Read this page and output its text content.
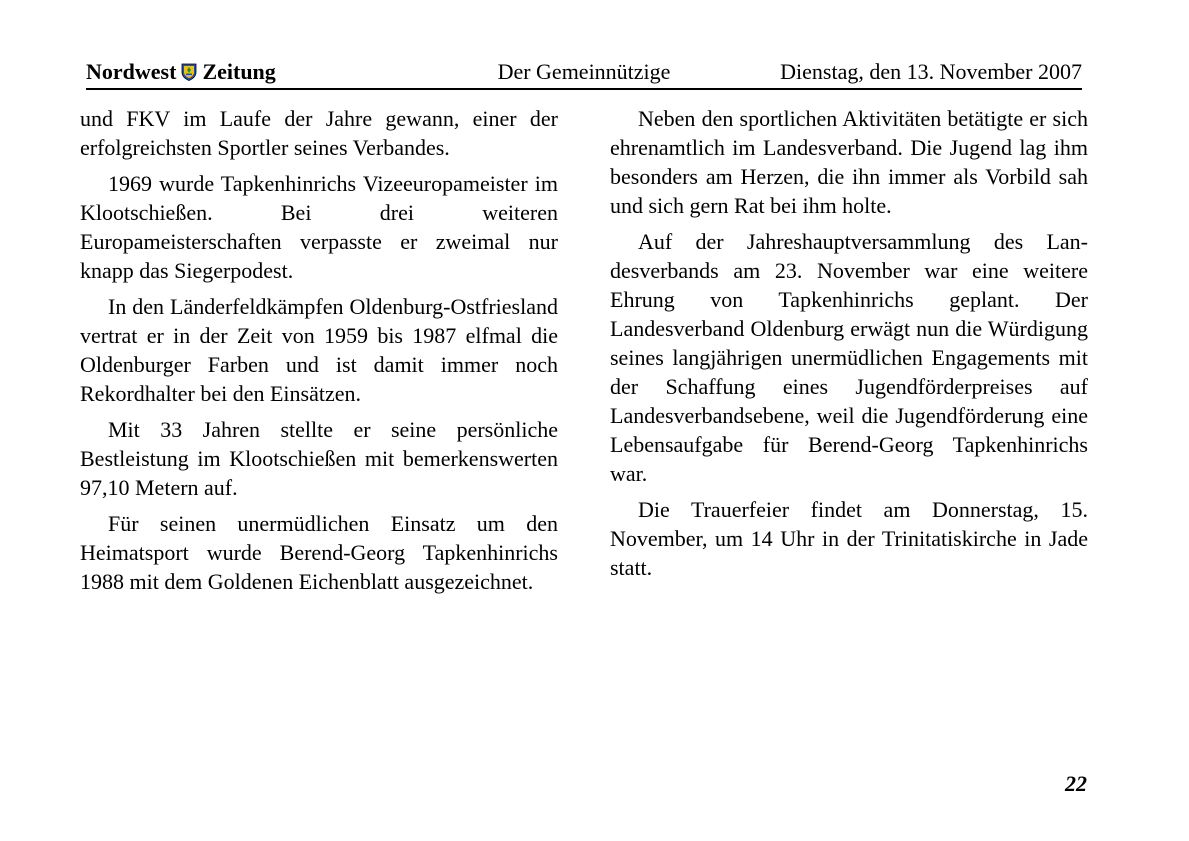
Nordwest Zeitung	Der Gemeinnützige	Dienstag, den 13. November 2007

und FKV im Laufe der Jahre gewann, einer der erfolgreichsten Sportler seines Verbandes.

1969 wurde Tapkenhinrichs Vizeeuropameister im Klootschießen. Bei drei weiteren Europameisterschaften verpasste er zweimal nur knapp das Siegerpodest.

In den Länderfeldkämpfen Oldenburg-Ostfriesland vertrat er in der Zeit von 1959 bis 1987 elfmal die Oldenburger Farben und ist damit immer noch Rekordhalter bei den Einsätzen.

Mit 33 Jahren stellte er seine persönliche Bestleistung im Klootschießen mit bemerkenswerten 97,10 Metern auf.

Für seinen unermüdlichen Einsatz um den Heimatsport wurde Berend-Georg Tapkenhinrichs 1988 mit dem Goldenen Eichenblatt ausgezeichnet.

Neben den sportlichen Aktivitäten betätigte er sich ehrenamtlich im Landesverband. Die Jugend lag ihm besonders am Herzen, die ihn immer als Vorbild sah und sich gern Rat bei ihm holte.

Auf der Jahreshauptversammlung des Landesverbands am 23. November war eine weitere Ehrung von Tapkenhinrichs geplant. Der Landesverband Oldenburg erwägt nun die Würdigung seines langjährigen unermüdlichen Engagements mit der Schaffung eines Jugendförderpreises auf Landesverbandsebene, weil die Jugendförderung eine Lebensaufgabe für Berend-Georg Tapkenhinrichs war.

Die Trauerfeier findet am Donnerstag, 15. November, um 14 Uhr in der Trinitatiskirche in Jade statt.

22
